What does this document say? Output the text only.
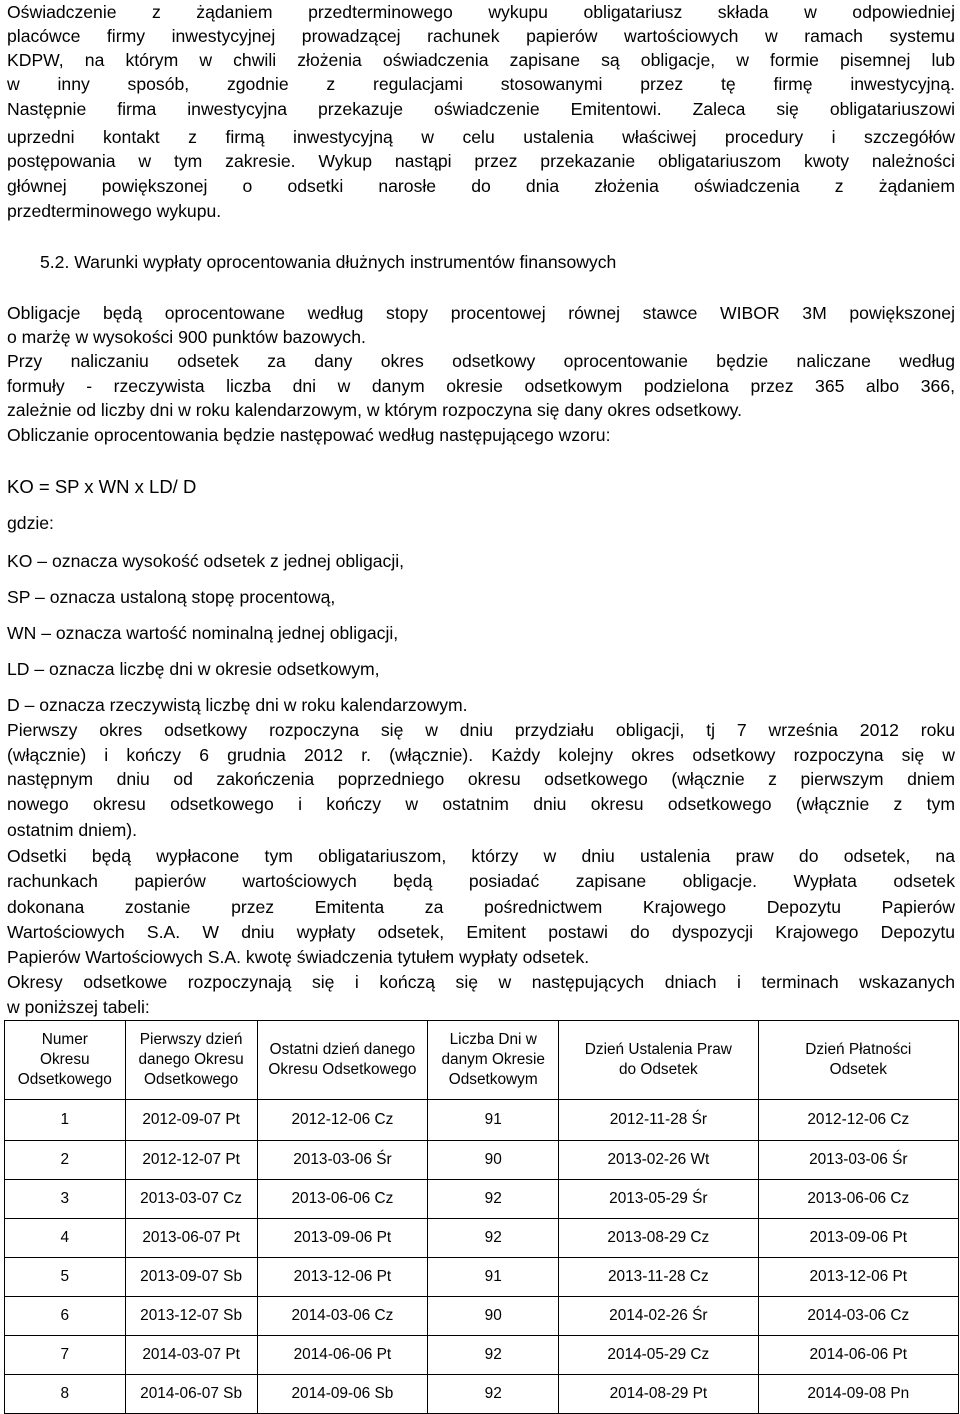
Oświadczenie z żądaniem przedterminowego wykupu obligatariusz składa w odpowiedniej
placówce firmy inwestycyjnej prowadzącej rachunek papierów wartościowych w ramach systemu
KDPW, na którym w chwili złożenia oświadczenia zapisane są obligacje, w formie pisemnej lub
w inny sposób, zgodnie z regulacjami stosowanymi przez tę firmę inwestycyjną.
Następnie firma inwestycyjna przekazuje oświadczenie Emitentowi. Zaleca się obligatariuszowi
uprzedni kontakt z firmą inwestycyjną w celu ustalenia właściwej procedury i szczegółów
postępowania w tym zakresie. Wykup nastąpi przez przekazanie obligatariuszom kwoty należności
głównej powiększonej o odsetki narosłe do dnia złożenia oświadczenia z żądaniem
przedterminowego wykupu.
5.2. Warunki wypłaty oprocentowania dłużnych instrumentów finansowych
Obligacje będą oprocentowane według stopy procentowej równej stawce WIBOR 3M powiększonej
o marżę w wysokości 900 punktów bazowych.
Przy naliczaniu odsetek za dany okres odsetkowy oprocentowanie będzie naliczane według
formuły - rzeczywista liczba dni w danym okresie odsetkowym podzielona przez 365 albo 366,
zależnie od liczby dni w roku kalendarzowym, w którym rozpoczyna się dany okres odsetkowy.
Obliczanie oprocentowania będzie następować według następującego wzoru:
KO = SP x WN x LD/ D
gdzie:
KO – oznacza wysokość odsetek z jednej obligacji,
SP – oznacza ustaloną stopę procentową,
WN – oznacza wartość nominalną jednej obligacji,
LD – oznacza liczbę dni w okresie odsetkowym,
D – oznacza rzeczywistą liczbę dni w roku kalendarzowym.
Pierwszy okres odsetkowy rozpoczyna się w dniu przydziału obligacji, tj 7 września 2012 roku
(włącznie) i kończy 6 grudnia 2012 r. (włącznie). Każdy kolejny okres odsetkowy rozpoczyna się w
następnym dniu od zakończenia poprzedniego okresu odsetkowego (włącznie z pierwszym dniem
nowego okresu odsetkowego i kończy w ostatnim dniu okresu odsetkowego (włącznie z tym
ostatnim dniem).
Odsetki będą wypłacone tym obligatariuszom, którzy w dniu ustalenia praw do odsetek, na
rachunkach papierów wartościowych będą posiadać zapisane obligacje. Wypłata odsetek
dokonana zostanie przez Emitenta za pośrednictwem Krajowego Depozytu Papierów
Wartościowych S.A. W dniu wypłaty odsetek, Emitent postawi do dyspozycji Krajowego Depozytu
Papierów Wartościowych S.A. kwotę świadczenia tytułem wypłaty odsetek.
Okresy odsetkowe rozpoczynają się i kończą się w następujących dniach i terminach wskazanych
w poniższej tabeli:
Numer
Okresu
Odsetkowego	Pierwszy dzień
danego Okresu
Odsetkowego	Ostatni dzień danego
Okresu Odsetkowego	Liczba Dni w
danym Okresie
Odsetkowym	Dzień Ustalenia Praw
do Odsetek	Dzień Płatności
Odsetek
1	2012-09-07 Pt	2012-12-06 Cz	91	2012-11-28 Śr	2012-12-06 Cz
2	2012-12-07 Pt	2013-03-06 Śr	90	2013-02-26 Wt	2013-03-06 Śr
3	2013-03-07 Cz	2013-06-06 Cz	92	2013-05-29 Śr	2013-06-06 Cz
4	2013-06-07 Pt	2013-09-06 Pt	92	2013-08-29 Cz	2013-09-06 Pt
5	2013-09-07 Sb	2013-12-06 Pt	91	2013-11-28 Cz	2013-12-06 Pt
6	2013-12-07 Sb	2014-03-06 Cz	90	2014-02-26 Śr	2014-03-06 Cz
7	2014-03-07 Pt	2014-06-06 Pt	92	2014-05-29 Cz	2014-06-06 Pt
8	2014-06-07 Sb	2014-09-06 Sb	92	2014-08-29 Pt	2014-09-08 Pn
